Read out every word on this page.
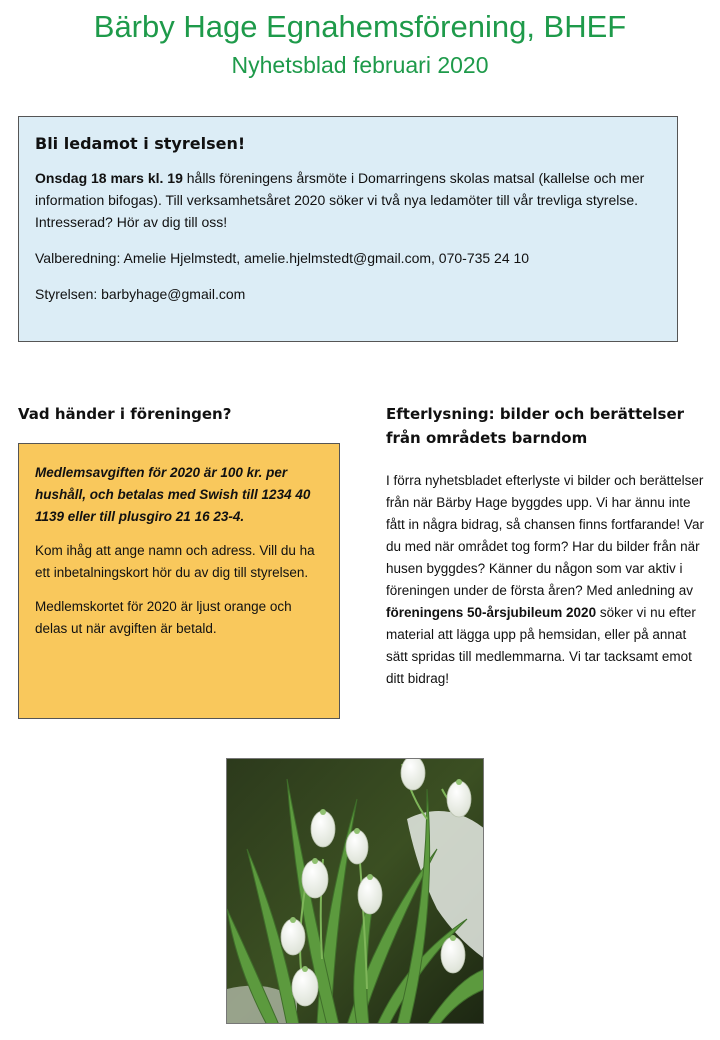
Bärby Hage Egnahemsförening, BHEF
Nyhetsblad februari 2020
Bli ledamot i styrelsen!

Onsdag 18 mars kl. 19 hålls föreningens årsmöte i Domarringens skolas matsal (kallelse och mer information bifogas). Till verksamhetsåret 2020 söker vi två nya ledamöter till vår trevliga styrelse. Intresserad? Hör av dig till oss!

Valberedning: Amelie Hjelmstedt, amelie.hjelmstedt@gmail.com, 070-735 24 10

Styrelsen: barbyhage@gmail.com

Vad händer i föreningen?

Medlemsavgiften för 2020 är 100 kr. per hushåll, och betalas med Swish till 1234 40 1139 eller till plusgiro 21 16 23-4.

Kom ihåg att ange namn och adress. Vill du ha ett inbetalningskort hör du av dig till styrelsen.

Medlemskortet för 2020 är ljust orange och delas ut när avgiften är betald.

Efterlysning: bilder och berättelser från områdets barndom
I förra nyhetsbladet efterlyste vi bilder och berättelser från när Bärby Hage byggdes upp. Vi har ännu inte fått in några bidrag, så chansen finns fortfarande! Var du med när området tog form? Har du bilder från när husen byggdes? Känner du någon som var aktiv i föreningen under de första åren? Med anledning av föreningens 50-årsjubileum 2020 söker vi nu efter material att lägga upp på hemsidan, eller på annat sätt spridas till medlemmarna. Vi tar tacksamt emot ditt bidrag!
